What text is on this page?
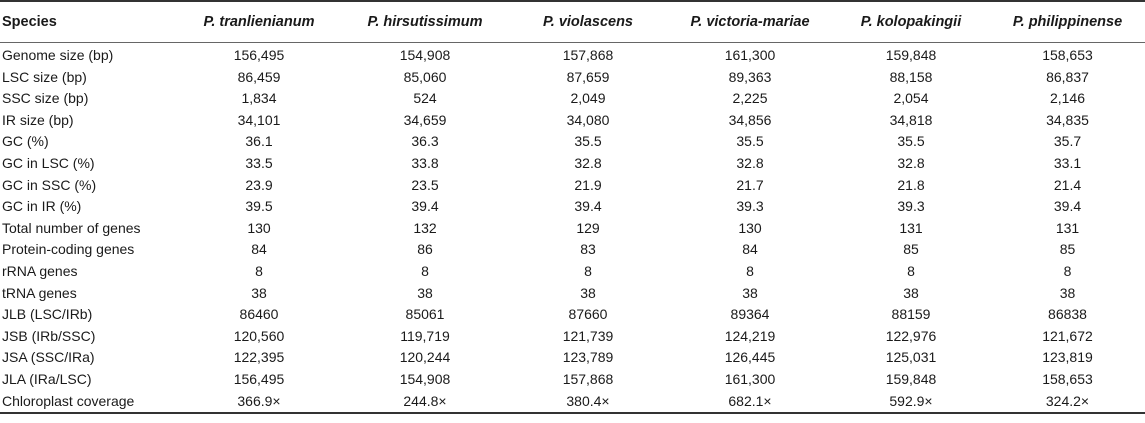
Species	P. tranlienianum	P. hirsutissimum	P. violascens	P. victoria-mariae	P. kolopakingii	P. philippinense
Genome size (bp)	156,495	154,908	157,868	161,300	159,848	158,653
LSC size (bp)	86,459	85,060	87,659	89,363	88,158	86,837
SSC size (bp)	1,834	524	2,049	2,225	2,054	2,146
IR size (bp)	34,101	34,659	34,080	34,856	34,818	34,835
GC (%)	36.1	36.3	35.5	35.5	35.5	35.7
GC in LSC (%)	33.5	33.8	32.8	32.8	32.8	33.1
GC in SSC (%)	23.9	23.5	21.9	21.7	21.8	21.4
GC in IR (%)	39.5	39.4	39.4	39.3	39.3	39.4
Total number of genes	130	132	129	130	131	131
Protein-coding genes	84	86	83	84	85	85
rRNA genes	8	8	8	8	8	8
tRNA genes	38	38	38	38	38	38
JLB (LSC/IRb)	86460	85061	87660	89364	88159	86838
JSB (IRb/SSC)	120,560	119,719	121,739	124,219	122,976	121,672
JSA (SSC/IRa)	122,395	120,244	123,789	126,445	125,031	123,819
JLA (IRa/LSC)	156,495	154,908	157,868	161,300	159,848	158,653
Chloroplast coverage	366.9×	244.8×	380.4×	682.1×	592.9×	324.2×
